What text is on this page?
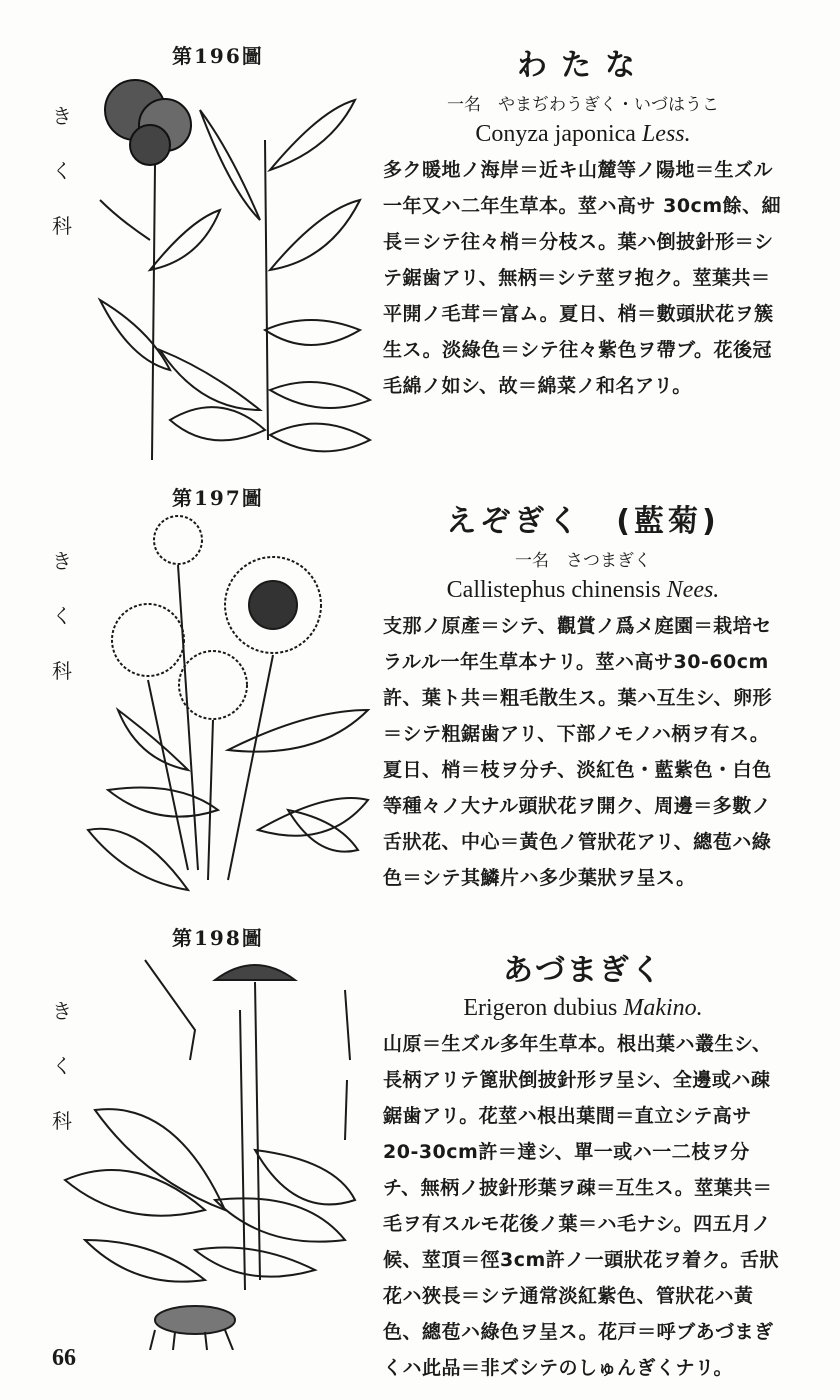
第196圖
き
く
科
わたな
一名　やまぢわうぎく・いづはうこ
Conyza japonica Less.
多ク暖地ノ海岸＝近キ山麓等ノ陽地＝生ズル一年又ハ二年生草本。莖ハ高サ 30cm餘、細長＝シテ往々梢＝分枝ス。葉ハ倒披針形＝シテ鋸歯アリ、無柄＝シテ莖ヲ抱ク。莖葉共＝平開ノ毛茸＝富ム。夏日、梢＝數頭狀花ヲ簇生ス。淡綠色＝シテ往々紫色ヲ帶ブ。花後冠毛綿ノ如シ、故＝綿菜ノ和名アリ。
第197圖
き
く
科
えぞぎく　(藍菊)
一名　さつまぎく
Callistephus chinensis Nees.
支那ノ原產＝シテ、觀賞ノ爲メ庭園＝栽培セラルル一年生草本ナリ。莖ハ高サ30-60cm許、葉ト共＝粗毛散生ス。葉ハ互生シ、卵形＝シテ粗鋸歯アリ、下部ノモノハ柄ヲ有ス。夏日、梢＝枝ヲ分チ、淡紅色・藍紫色・白色等種々ノ大ナル頭狀花ヲ開ク、周邊＝多數ノ舌狀花、中心＝黃色ノ管狀花アリ、總苞ハ綠色＝シテ其鱗片ハ多少葉狀ヲ呈ス。
第198圖
き
く
科
あづまぎく
Erigeron dubius Makino.
山原＝生ズル多年生草本。根出葉ハ叢生シ、長柄アリテ篦狀倒披針形ヲ呈シ、全邊或ハ疎鋸歯アリ。花莖ハ根出葉間＝直立シテ高サ 20-30cm許＝達シ、單一或ハ一二枝ヲ分チ、無柄ノ披針形葉ヲ疎＝互生ス。莖葉共＝毛ヲ有スルモ花後ノ葉＝ハ毛ナシ。四五月ノ候、莖頂＝徑3cm許ノ一頭狀花ヲ着ク。舌狀花ハ狹長＝シテ通常淡紅紫色、管狀花ハ黃色、總苞ハ綠色ヲ呈ス。花戸＝呼ブあづまぎくハ此品＝非ズシテのしゅんぎくナリ。
66
